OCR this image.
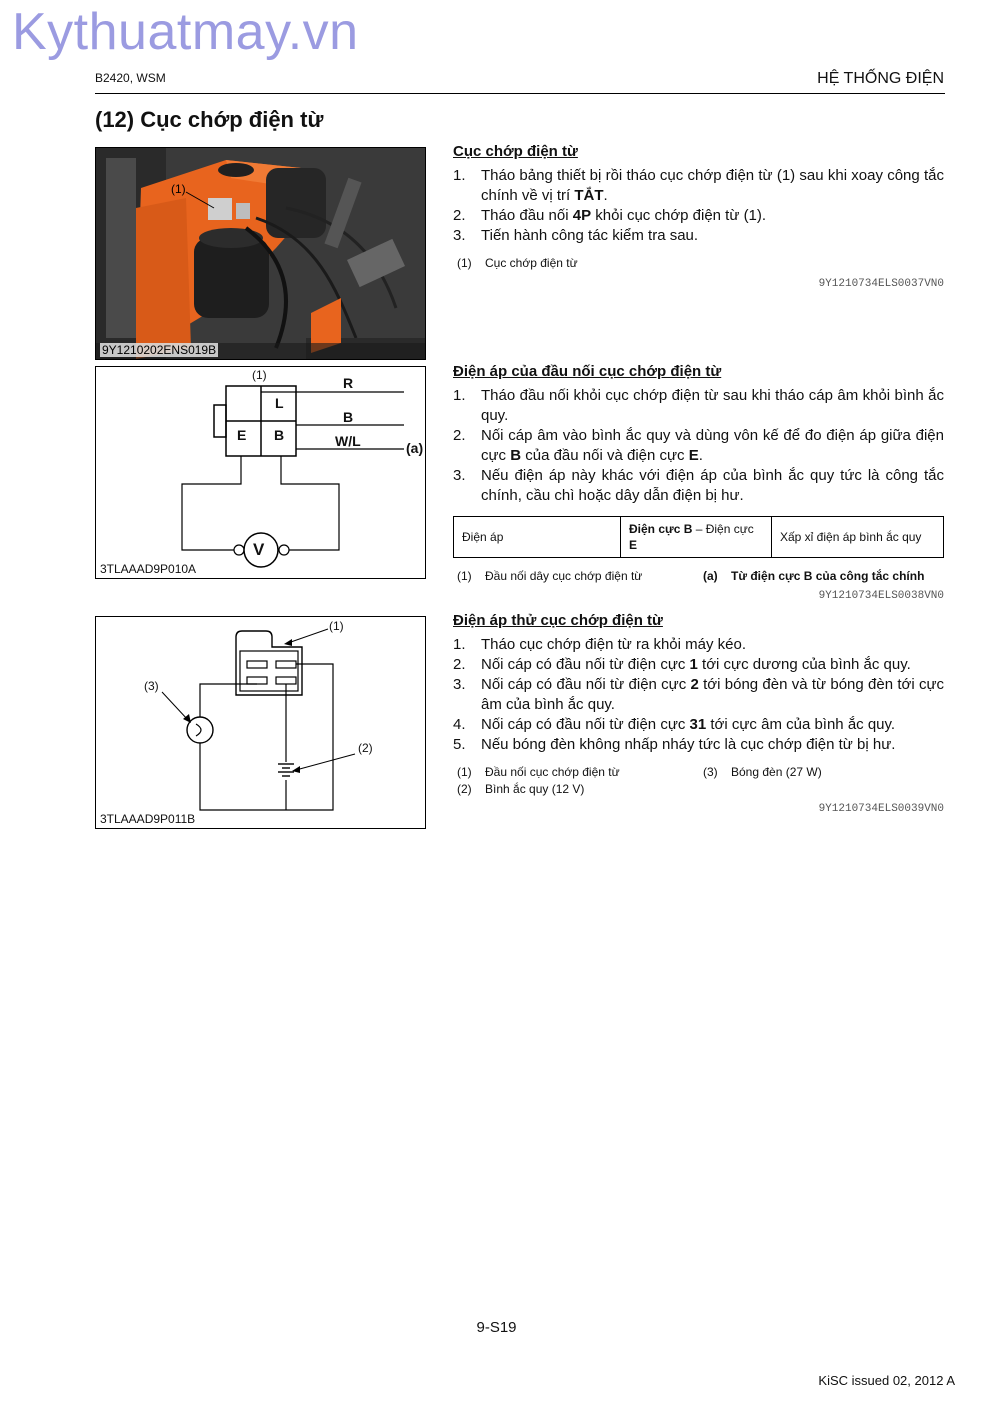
Kythuatmay.vn
B2420, WSM	HỆ THỐNG ĐIỆN
(12) Cục chớp điện từ
(1)
9Y1210202ENS019B
(1)
L
E B
R
B
W/L	(a)
V
3TLAAAD9P010A
(1)
(3)
(2)
3TLAAAD9P011B
Cục chớp điện từ
1. Tháo bảng thiết bị rồi tháo cục chớp điện từ (1) sau khi xoay công tắc chính về vị trí TẮT.
2. Tháo đầu nối 4P khỏi cục chớp điện từ (1).
3. Tiến hành công tác kiểm tra sau.
(1) Cục chớp điện từ
9Y1210734ELS0037VN0
Điện áp của đầu nối cục chớp điện từ
1. Tháo đầu nối khỏi cục chớp điện từ sau khi tháo cáp âm khỏi bình ắc quy.
2. Nối cáp âm vào bình ắc quy và dùng vôn kế để đo điện áp giữa điện cực B của đầu nối và điện cực E.
3. Nếu điện áp này khác với điện áp của bình ắc quy tức là công tắc chính, cầu chì hoặc dây dẫn điện bị hư.
Điện áp	Điện cực B – Điện cực E	Xấp xỉ điện áp bình ắc quy
(1) Đầu nối dây cục chớp điện từ	(a) Từ điện cực B của công tắc chính
9Y1210734ELS0038VN0
Điện áp thử cục chớp điện từ
1. Tháo cục chớp điện từ ra khỏi máy kéo.
2. Nối cáp có đầu nối từ điện cực 1 tới cực dương của bình ắc quy.
3. Nối cáp có đầu nối từ điện cực 2 tới bóng đèn và từ bóng đèn tới cực âm của bình ắc quy.
4. Nối cáp có đầu nối từ điện cực 31 tới cực âm của bình ắc quy.
5. Nếu bóng đèn không nhấp nháy tức là cục chớp điện từ bị hư.
(1) Đầu nối cục chớp điện từ	(3) Bóng đèn (27 W)
(2) Bình ắc quy (12 V)
9Y1210734ELS0039VN0
9-S19
KiSC issued 02, 2012 A
